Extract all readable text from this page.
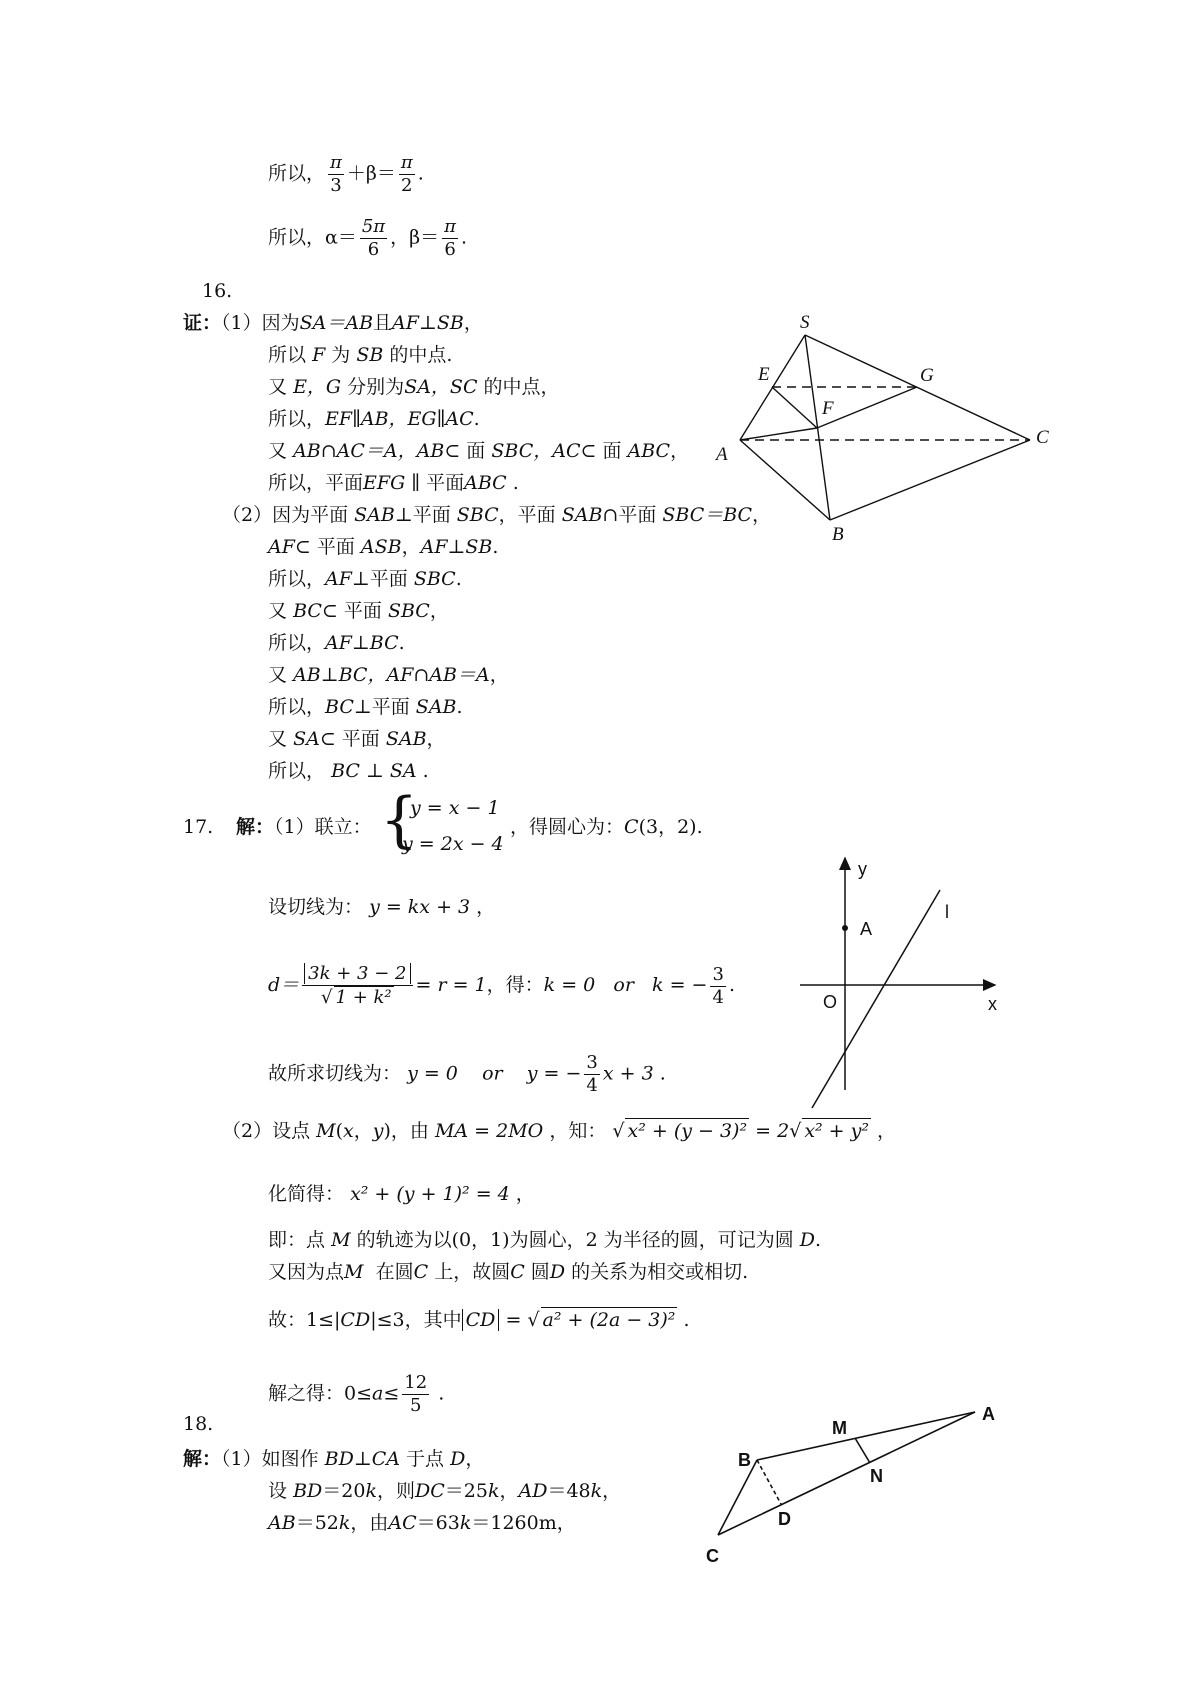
所以， $\frac{\pi}{3} +\beta= \frac{\pi}{2}$ .
所以，$\alpha= \frac{5\pi}{6}$ ，$\beta= \frac{\pi}{6}$ .
16.
证：（1）因为SA＝AB且AF⊥SB，
所以 F 为 SB 的中点.
又 E，G 分别为SA，SC 的中点，
所以，EF∥AB，EG∥AC.
又 AB∩AC＝A，AB⊂ 面 SBC，AC⊂ 面 ABC，
所以，平面EFG ∥ 平面ABC .
（2）因为平面 SAB⊥平面 SBC，平面 SAB∩平面 SBC＝BC，
AF⊂ 平面 ASB，AF⊥SB.
所以，AF⊥平面 SBC.
又 BC⊂ 平面 SBC，
所以，AF⊥BC.
又 AB⊥BC，AF∩AB＝A，
所以，BC⊥平面 SAB.
又 SA⊂ 平面 SAB，
所以， BC ⊥ SA .
S
E	G
F
A
C
B
17. 解：（1）联立： {
y = x − 1
y = 2x − 4
，得圆心为：C(3，2).
设切线为： y = kx + 3 ，
$d= \frac{3k + 3 - 2}{\text{√ 1 + k²}} = r = 1$，得：k = 0 or k = − $\frac{3}{4}$ .
故所求切线为： y = 0 or y = − $\frac{3}{4}$ x + 3 .
（2）设点 M(x，y)，由 MA = 2MO ，知： √ x² + (y − 3)² = 2√ x² + y² ，
化简得： x² + (y + 1)² = 4 ，
即：点 M 的轨迹为以(0，1)为圆心，2 为半径的圆，可记为圆 D.
又因为点M 在圆C 上，故圆C 圆D 的关系为相交或相切.
故：1≤|CD|≤3，其中 CD = √ a² + (2a − 3)² .
解之得：$0\le a\le \frac{12}{5}$ .
y
A
l
O	x
18.
解：（1）如图作 BD⊥CA 于点 D，
设 BD＝20k，则DC＝25k，AD＝48k，
AB＝52k，由AC＝63k＝1260m，
M
A
B
N
D
C
